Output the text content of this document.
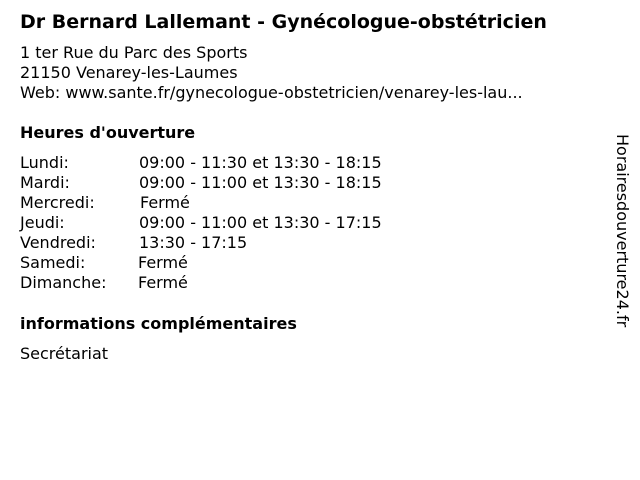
Dr Bernard Lallemant - Gynécologue-obstétricien
1 ter Rue du Parc des Sports
21150 Venarey-les-Laumes
Web: www.sante.fr/gynecologue-obstetricien/venarey-les-lau...
Heures d'ouverture
Lundi:	09:00 - 11:30 et 13:30 - 18:15
Mardi:	09:00 - 11:00 et 13:30 - 18:15
Mercredi:	Fermé
Jeudi:	09:00 - 11:00 et 13:30 - 17:15
Vendredi:	13:30 - 17:15
Samedi:	Fermé
Dimanche: Fermé
informations complémentaires
Secrétariat
Horairesdouverture24.fr
